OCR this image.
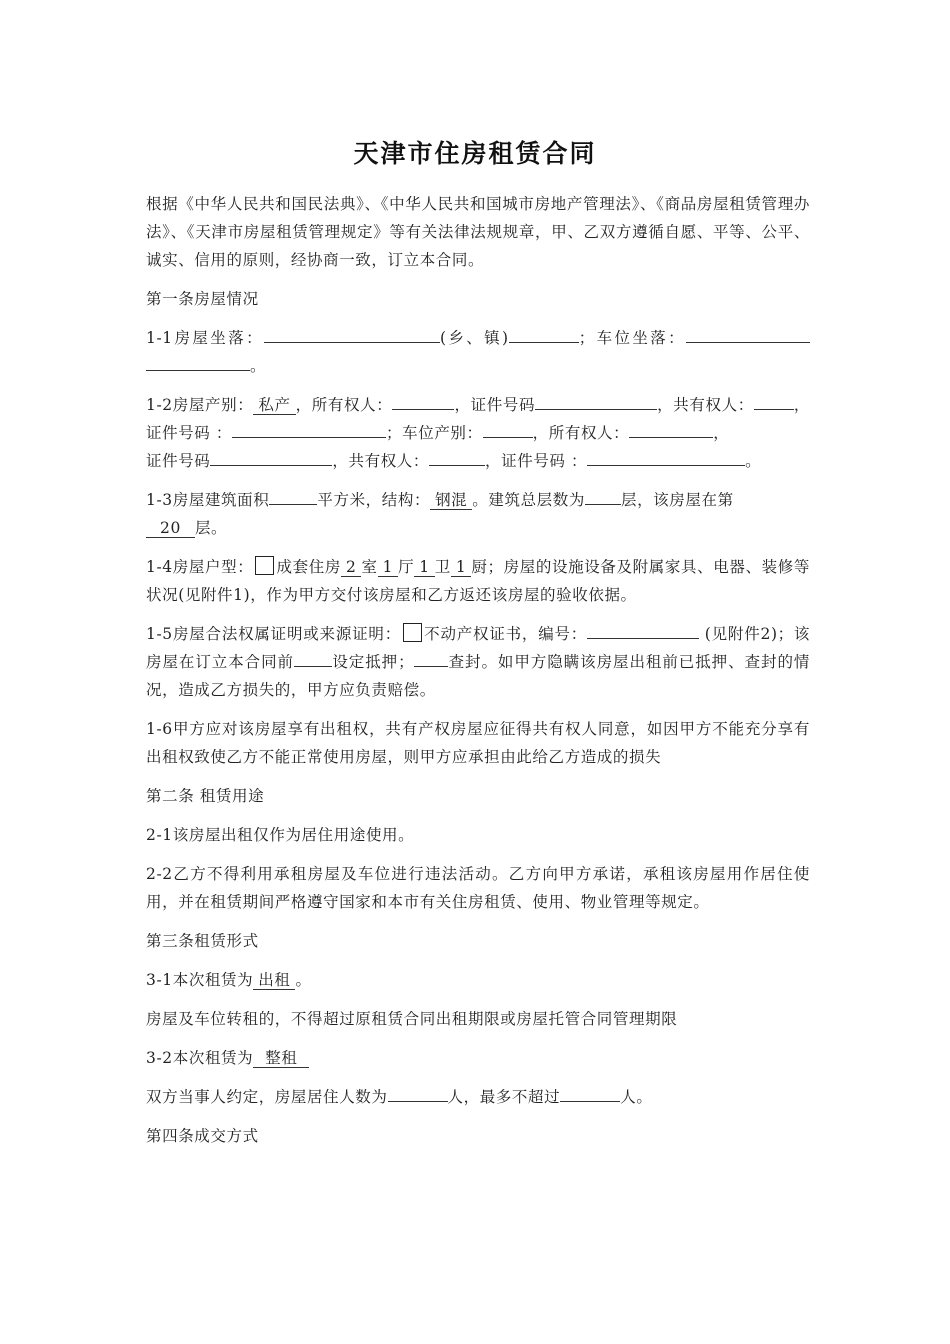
天津市住房租赁合同

根据《中华人民共和国民法典》、《中华人民共和国城市房地产管理法》、《商品房屋租赁管理办法》、《天津市房屋租赁管理规定》等有关法律法规规章，甲、乙双方遵循自愿、平等、公平、诚实、信用的原则，经协商一致，订立本合同。

第一条房屋情况

1-1房屋坐落：	(乡、镇)	；车位坐落：。

1-2房屋产别： 私产 ，所有权人：	，证件号码	，共有权人：	，证件号码 ：	；车位产别：	，所有权人：	，
证件号码	，共有权人：	，证件号码 ：	。

1-3房屋建筑面积	平方米，结构： 钢混 。建筑总层数为 层，该房屋在第
20 层。

1-4房屋户型： 成套住房 2 室 1 厅 1 卫 1 厨；房屋的设施设备及附属家具、电器、装修等状况(见附件1)，作为甲方交付该房屋和乙方返还该房屋的验收依据。

1-5房屋合法权属证明或来源证明： 不动产权证书，编号：	(见附件2)；该房屋在订立本合同前 设定抵押； 查封。如甲方隐瞒该房屋出租前已抵押、查封的情况，造成乙方损失的，甲方应负责赔偿。

1-6甲方应对该房屋享有出租权，共有产权房屋应征得共有权人同意，如因甲方不能充分享有出租权致使乙方不能正常使用房屋，则甲方应承担由此给乙方造成的损失

第二条 租赁用途

2-1该房屋出租仅作为居住用途使用。

2-2乙方不得利用承租房屋及车位进行违法活动。乙方向甲方承诺，承租该房屋用作居住使用，并在租赁期间严格遵守国家和本市有关住房租赁、使用、物业管理等规定。

第三条租赁形式

3-1本次租赁为 出租 。

房屋及车位转租的，不得超过原租赁合同出租期限或房屋托管合同管理期限

3-2本次租赁为 整租

双方当事人约定，房屋居住人数为	人，最多不超过	人。

第四条成交方式
